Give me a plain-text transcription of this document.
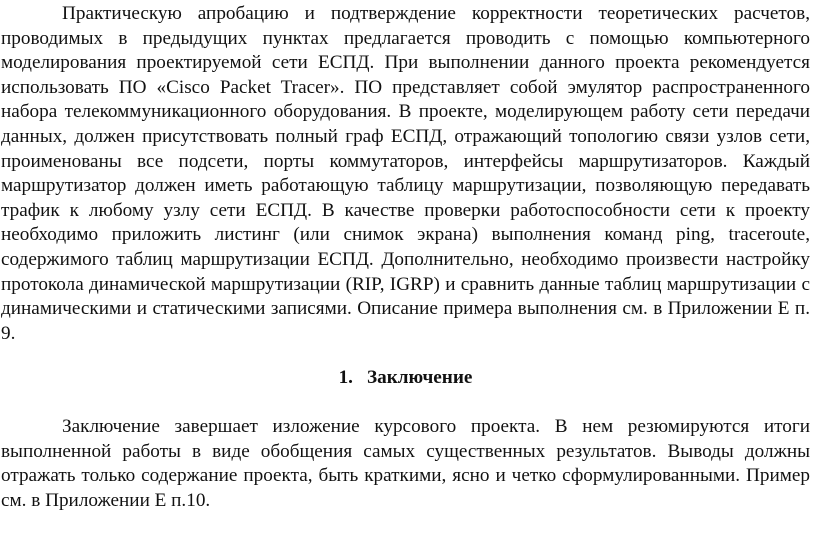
Практическую апробацию и подтверждение корректности теоретических расчетов, проводимых в предыдущих пунктах предлагается проводить с помощью компьютерного моделирования проектируемой сети ЕСПД. При выполнении данного проекта рекомендуется использовать ПО «Cisco Packet Tracer». ПО представляет собой эмулятор распространенного набора телекоммуникационного оборудования. В проекте, моделирующем работу сети передачи данных, должен присутствовать полный граф ЕСПД, отражающий топологию связи узлов сети, проименованы все подсети, порты коммутаторов, интерфейсы маршрутизаторов. Каждый маршрутизатор должен иметь работающую таблицу маршрутизации, позволяющую передавать трафик к любому узлу сети ЕСПД. В качестве проверки работоспособности сети к проекту необходимо приложить листинг (или снимок экрана) выполнения команд ping, traceroute, содержимого таблиц маршрутизации ЕСПД. Дополнительно, необходимо произвести настройку протокола динамической маршрутизации (RIP, IGRP) и сравнить данные таблиц маршрутизации с динамическими и статическими записями. Описание примера выполнения см. в Приложении Е п. 9.

1. Заключение

Заключение завершает изложение курсового проекта. В нем резюмируются итоги выполненной работы в виде обобщения самых существенных результатов. Выводы должны отражать только содержание проекта, быть краткими, ясно и четко сформулированными. Пример см. в Приложении Е п.10.
